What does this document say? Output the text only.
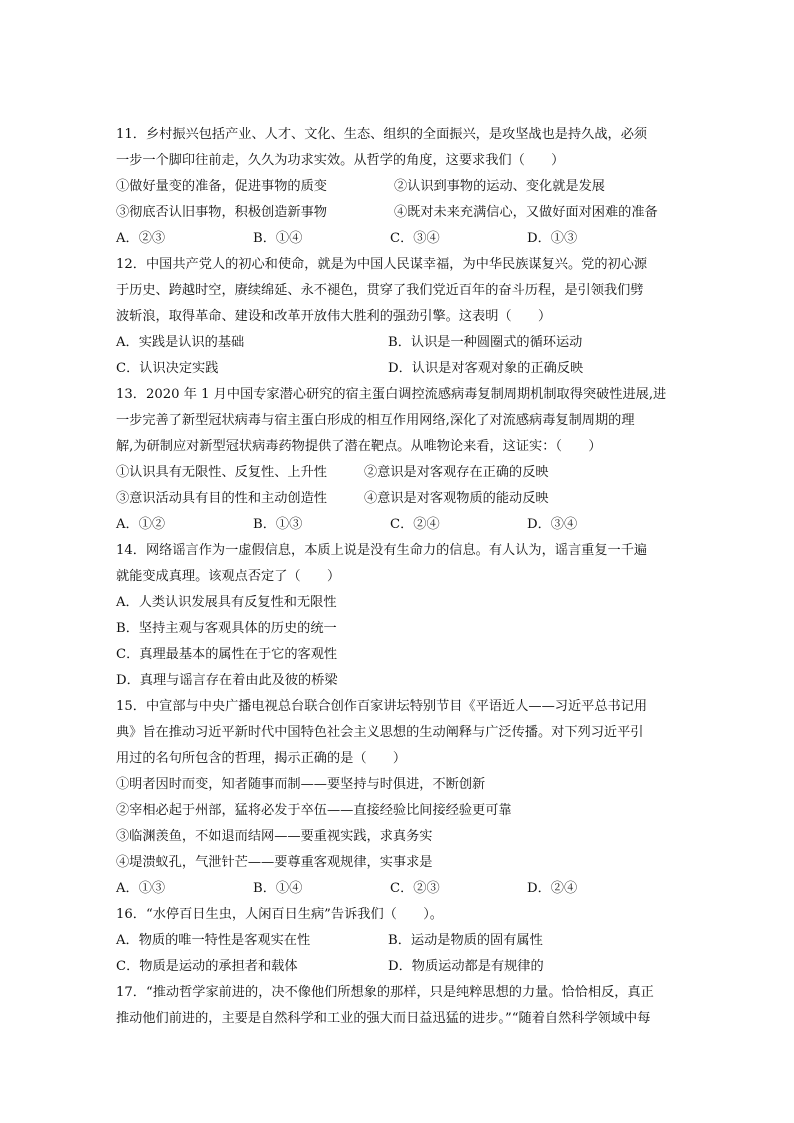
11．乡村振兴包括产业、人才、文化、生态、组织的全面振兴，是攻坚战也是持久战，必须
一步一个脚印往前走，久久为功求实效。从哲学的角度，这要求我们（　　）
①做好量变的准备，促进事物的质变	②认识到事物的运动、变化就是发展
③彻底否认旧事物，积极创造新事物	④既对未来充满信心，又做好面对困难的准备
A．②③	B．①④	C．③④	D．①③
12．中国共产党人的初心和使命，就是为中国人民谋幸福，为中华民族谋复兴。党的初心源
于历史、跨越时空，赓续绵延、永不褪色，贯穿了我们党近百年的奋斗历程，是引领我们劈
波斩浪，取得革命、建设和改革开放伟大胜利的强劲引擎。这表明（　　）
A．实践是认识的基础	B．认识是一种圆圈式的循环运动
C．认识决定实践	D．认识是对客观对象的正确反映
13．2020 年 1 月中国专家潜心研究的宿主蛋白调控流感病毒复制周期机制取得突破性进展,进
一步完善了新型冠状病毒与宿主蛋白形成的相互作用网络,深化了对流感病毒复制周期的理
解,为研制应对新型冠状病毒药物提供了潜在靶点。从唯物论来看，这证实：（　　）
①认识具有无限性、反复性、上升性	②意识是对客观存在正确的反映
③意识活动具有目的性和主动创造性	④意识是对客观物质的能动反映
A．①②	B．①③	C．②④	D．③④
14．网络谣言作为一虚假信息，本质上说是没有生命力的信息。有人认为，谣言重复一千遍
就能变成真理。该观点否定了（　　）
A．人类认识发展具有反复性和无限性
B．坚持主观与客观具体的历史的统一
C．真理最基本的属性在于它的客观性
D．真理与谣言存在着由此及彼的桥梁
15．中宣部与中央广播电视总台联合创作百家讲坛特别节目《平语近人——习近平总书记用
典》旨在推动习近平新时代中国特色社会主义思想的生动阐释与广泛传播。对下列习近平引
用过的名句所包含的哲理，揭示正确的是（　　）
①明者因时而变，知者随事而制——要坚持与时俱进，不断创新
②宰相必起于州部，猛将必发于卒伍——直接经验比间接经验更可靠
③临渊羡鱼，不如退而结网——要重视实践，求真务实
④堤溃蚁孔，气泄针芒——要尊重客观规律，实事求是
A．①③	B．①④	C．②③	D．②④
16．“水停百日生虫，人闲百日生病”告诉我们（　　）。
A．物质的唯一特性是客观实在性	B．运动是物质的固有属性
C．物质是运动的承担者和载体	D．物质运动都是有规律的
17．“推动哲学家前进的，决不像他们所想象的那样，只是纯粹思想的力量。恰恰相反，真正
推动他们前进的，主要是自然科学和工业的强大而日益迅猛的进步。”“随着自然科学领域中每
